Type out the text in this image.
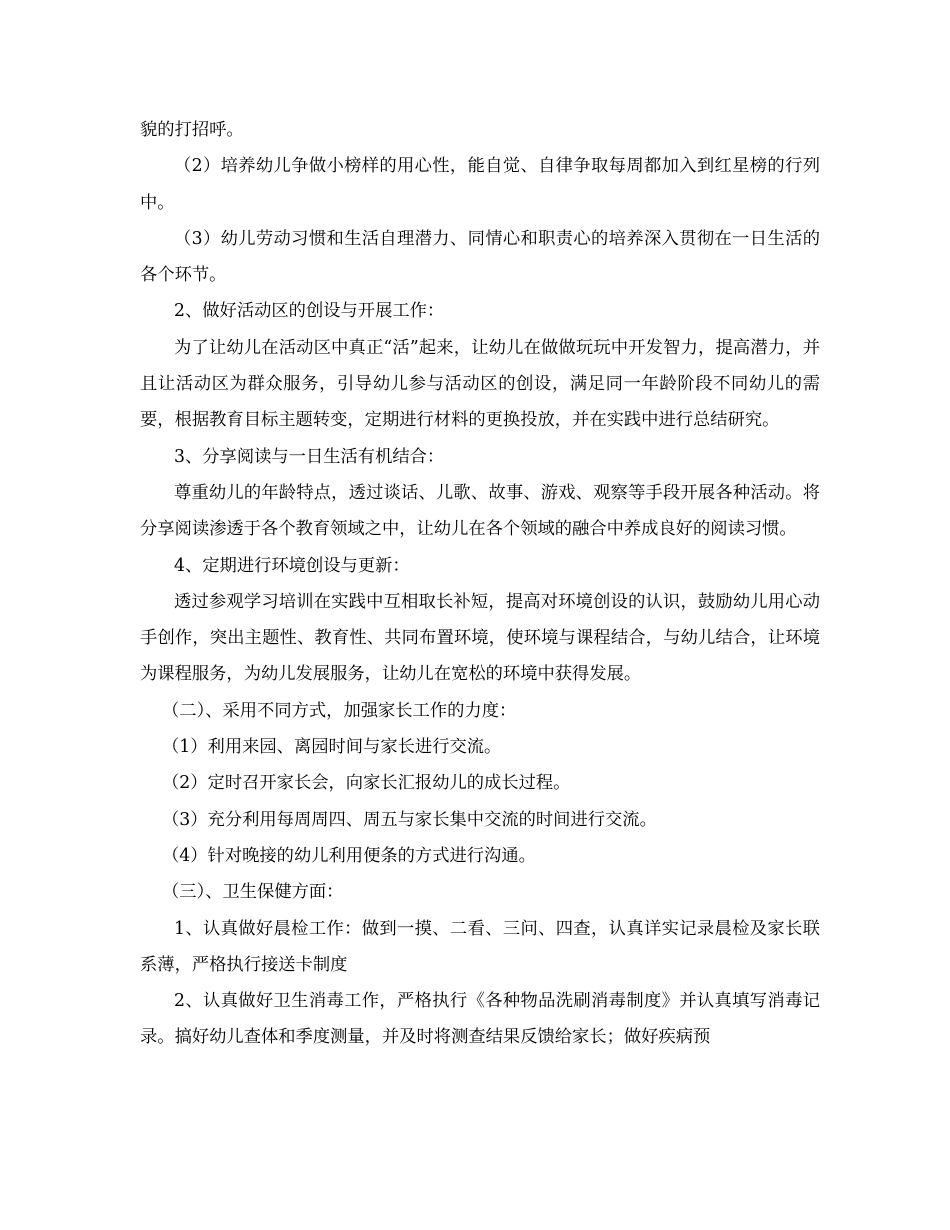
貌的打招呼。

（2）培养幼儿争做小榜样的用心性，能自觉、自律争取每周都加入到红星榜的行列中。

（3）幼儿劳动习惯和生活自理潜力、同情心和职责心的培养深入贯彻在一日生活的各个环节。

2、做好活动区的创设与开展工作：

为了让幼儿在活动区中真正“活”起来，让幼儿在做做玩玩中开发智力，提高潜力，并且让活动区为群众服务，引导幼儿参与活动区的创设，满足同一年龄阶段不同幼儿的需要，根据教育目标主题转变，定期进行材料的更换投放，并在实践中进行总结研究。

3、分享阅读与一日生活有机结合：

尊重幼儿的年龄特点，透过谈话、儿歌、故事、游戏、观察等手段开展各种活动。将分享阅读渗透于各个教育领域之中，让幼儿在各个领域的融合中养成良好的阅读习惯。

4、定期进行环境创设与更新：

透过参观学习培训在实践中互相取长补短，提高对环境创设的认识，鼓励幼儿用心动手创作，突出主题性、教育性、共同布置环境，使环境与课程结合，与幼儿结合，让环境为课程服务，为幼儿发展服务，让幼儿在宽松的环境中获得发展。

（二）、采用不同方式，加强家长工作的力度：

（1）利用来园、离园时间与家长进行交流。

（2）定时召开家长会，向家长汇报幼儿的成长过程。

（3）充分利用每周周四、周五与家长集中交流的时间进行交流。

（4）针对晚接的幼儿利用便条的方式进行沟通。

（三）、卫生保健方面：

1、认真做好晨检工作：做到一摸、二看、三问、四查，认真详实记录晨检及家长联系薄，严格执行接送卡制度

2、认真做好卫生消毒工作，严格执行《各种物品洗刷消毒制度》并认真填写消毒记录。搞好幼儿查体和季度测量，并及时将测查结果反馈给家长；做好疾病预
